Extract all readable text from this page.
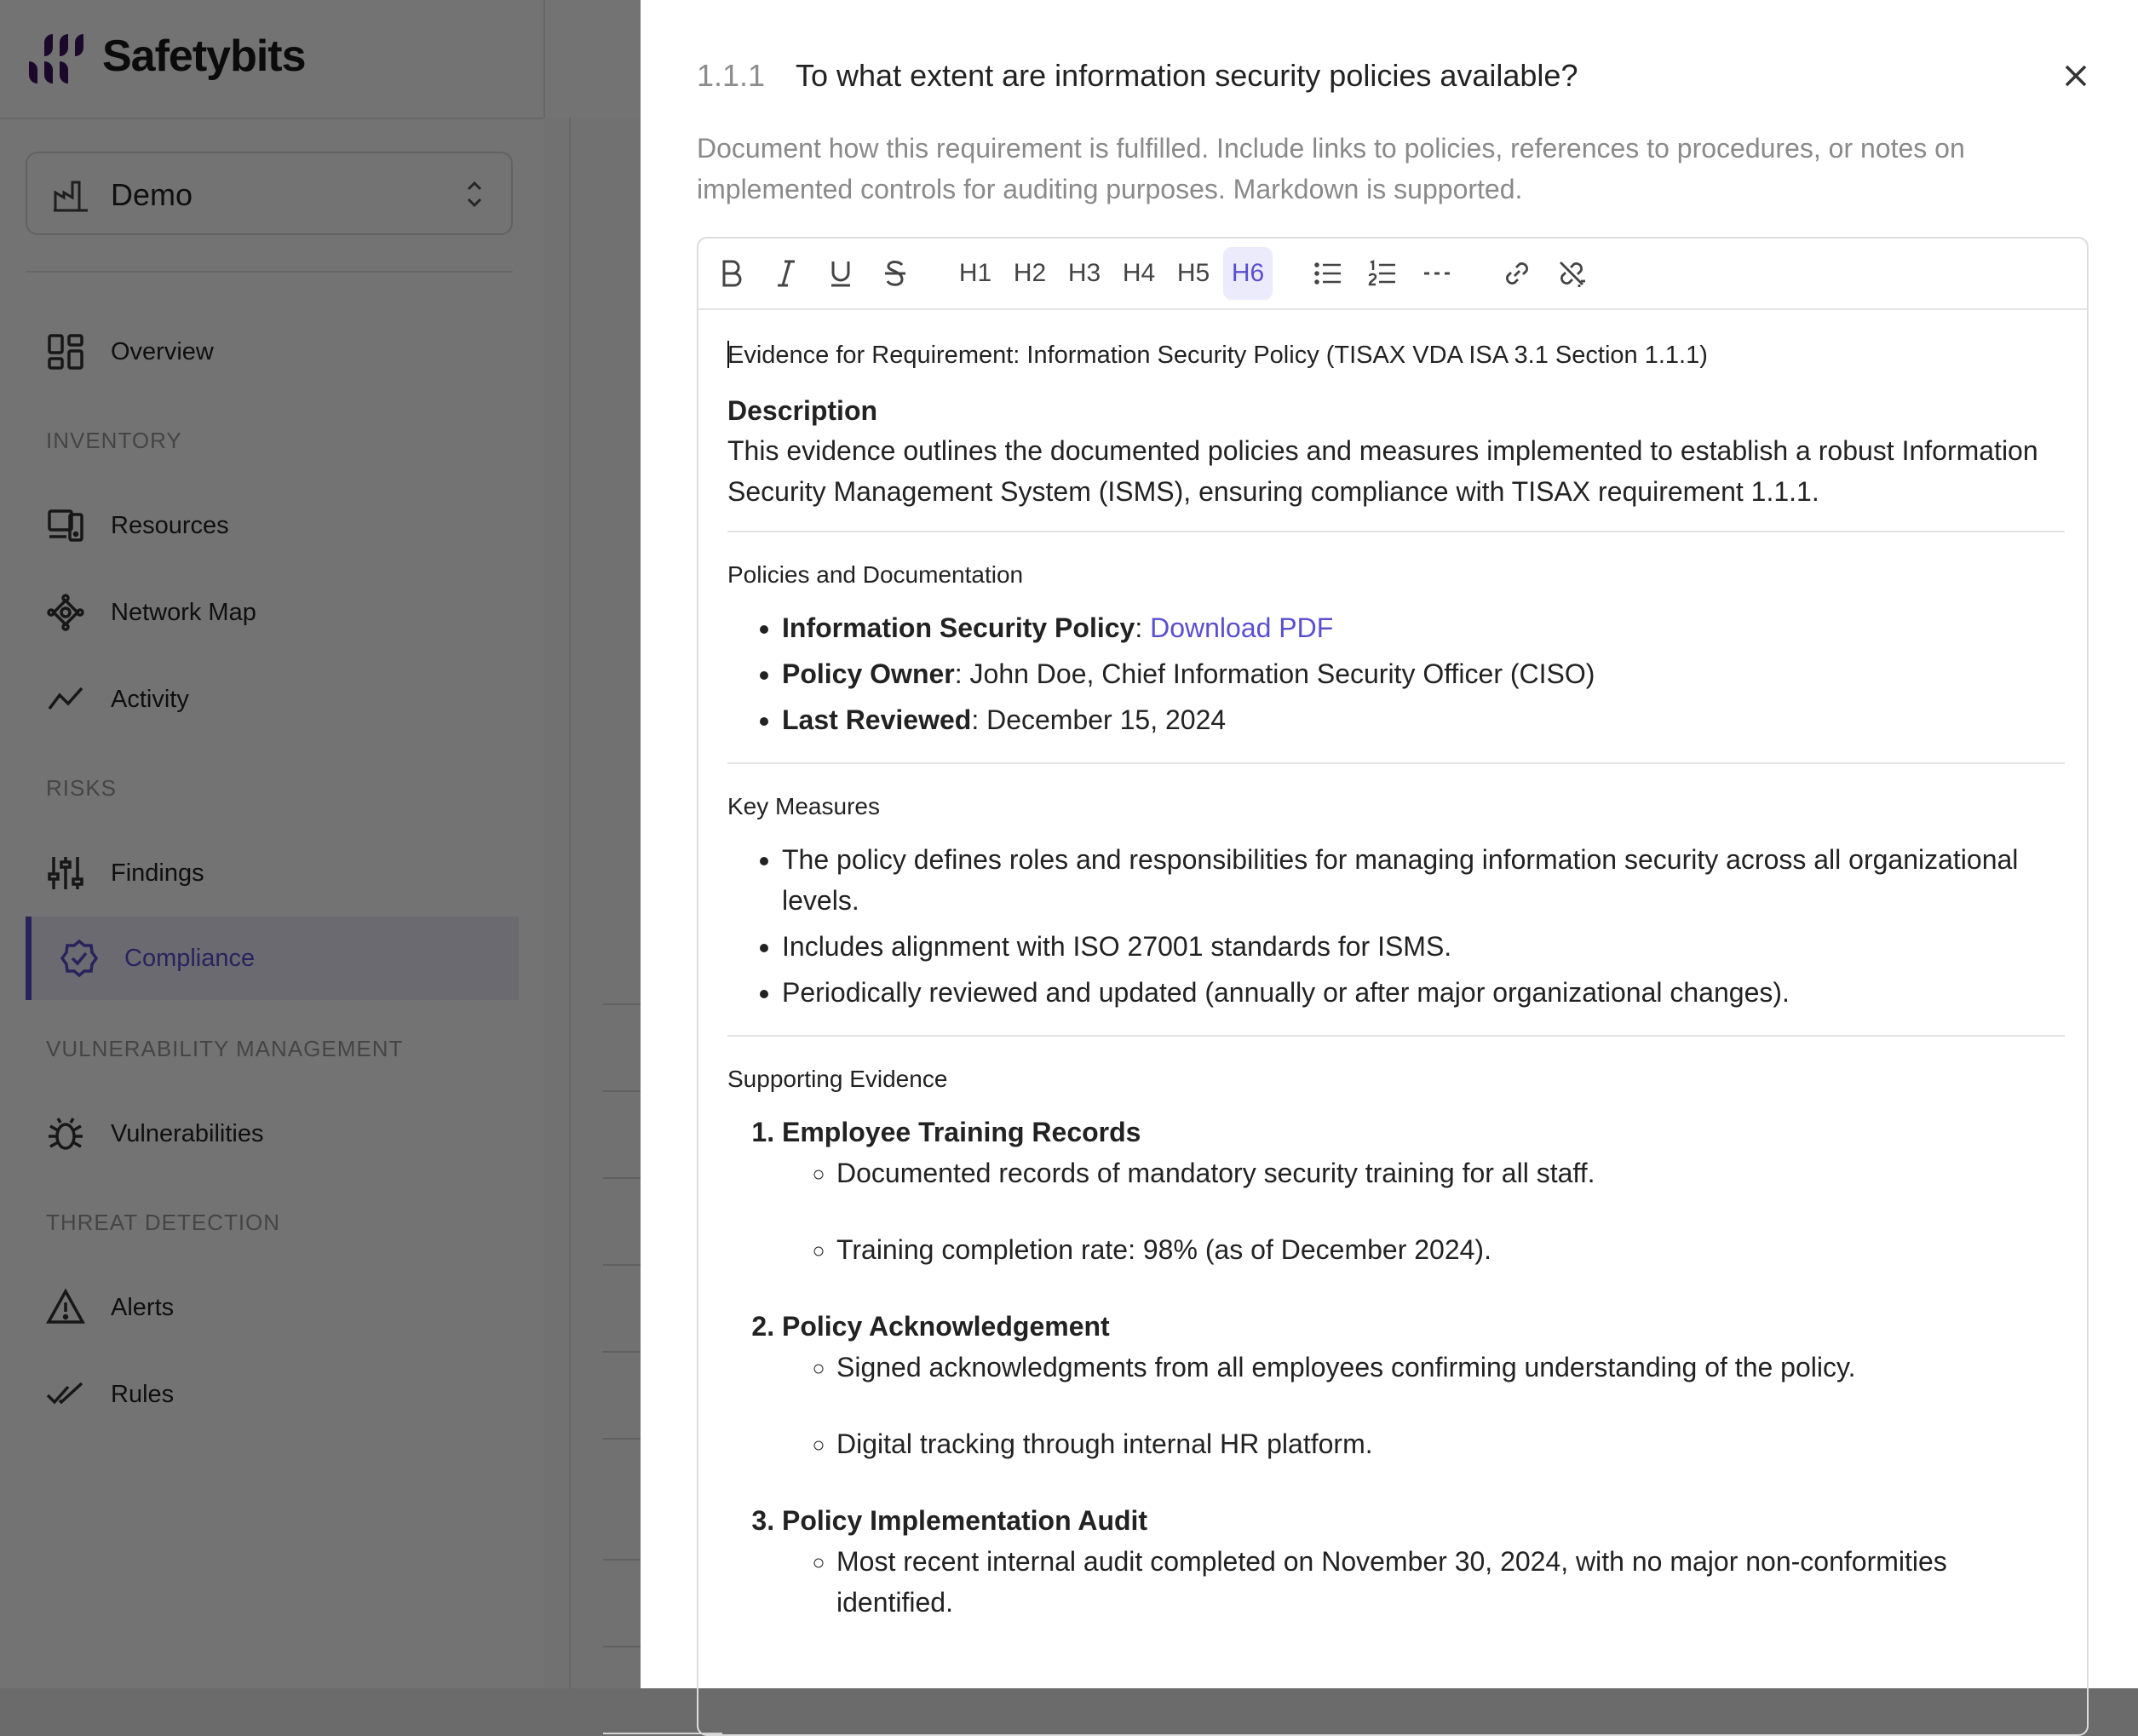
1.1.1 To what extent are information security policies available?
Document how this requirement is fulfilled. Include links to policies, references to procedures, or notes on implemented controls for auditing purposes. Markdown is supported.
H1 H2 H3 H4 H5 H6

Evidence for Requirement: Information Security Policy (TISAX VDA ISA 3.1 Section 1.1.1)

Description

This evidence outlines the documented policies and measures implemented to establish a robust Information Security Management System (ISMS), ensuring compliance with TISAX requirement 1.1.1.

Policies and Documentation

• Information Security Policy: Download PDF
• Policy Owner: John Doe, Chief Information Security Officer (CISO)
• Last Reviewed: December 15, 2024

Key Measures

• The policy defines roles and responsibilities for managing information security across all organizational levels.
• Includes alignment with ISO 27001 standards for ISMS.
• Periodically reviewed and updated (annually or after major organizational changes).

Supporting Evidence

1. Employee Training Records
◦ Documented records of mandatory security training for all staff.
◦ Training completion rate: 98% (as of December 2024).
2. Policy Acknowledgement
◦ Signed acknowledgments from all employees confirming understanding of the policy.
◦ Digital tracking through internal HR platform.
3. Policy Implementation Audit
◦ Most recent internal audit completed on November 30, 2024, with no major non-conformities identified.
